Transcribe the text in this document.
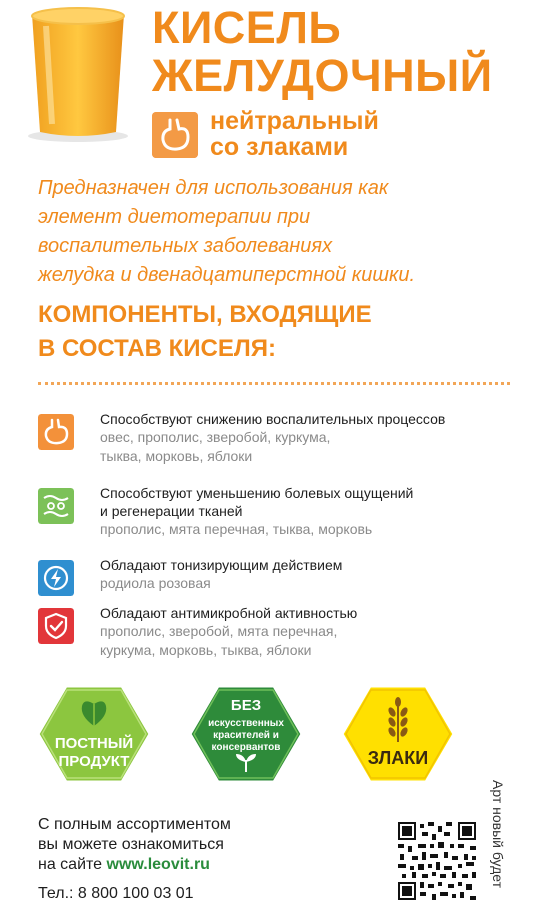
КИСЕЛЬ
ЖЕЛУДОЧНЫЙ
нейтральный
со злаками
Предназначен для использования как
элемент диетотерапии при
воспалительных заболеваниях
желудка и двенадцатиперстной кишки.
КОМПОНЕНТЫ, ВХОДЯЩИЕ
В СОСТАВ КИСЕЛЯ:
Способствуют снижению воспалительных процессов
овес, прополис, зверобой, куркума,
тыква, морковь, яблоки
Способствуют уменьшению болевых ощущений
и регенерации тканей
прополис, мята перечная, тыква, морковь
Обладают тонизирующим действием
родиола розовая
Обладают антимикробной активностью
прополис, зверобой, мята перечная,
куркума, морковь, тыква, яблоки
ПОСТНЫЙ
ПРОДУКТ
БЕЗ
искусственных
красителей и
консервантов
ЗЛАКИ
С полным ассортиментом
вы можете ознакомиться
на сайте www.leovit.ru
Тел.: 8 800 100 03 01
Арт новый будет
